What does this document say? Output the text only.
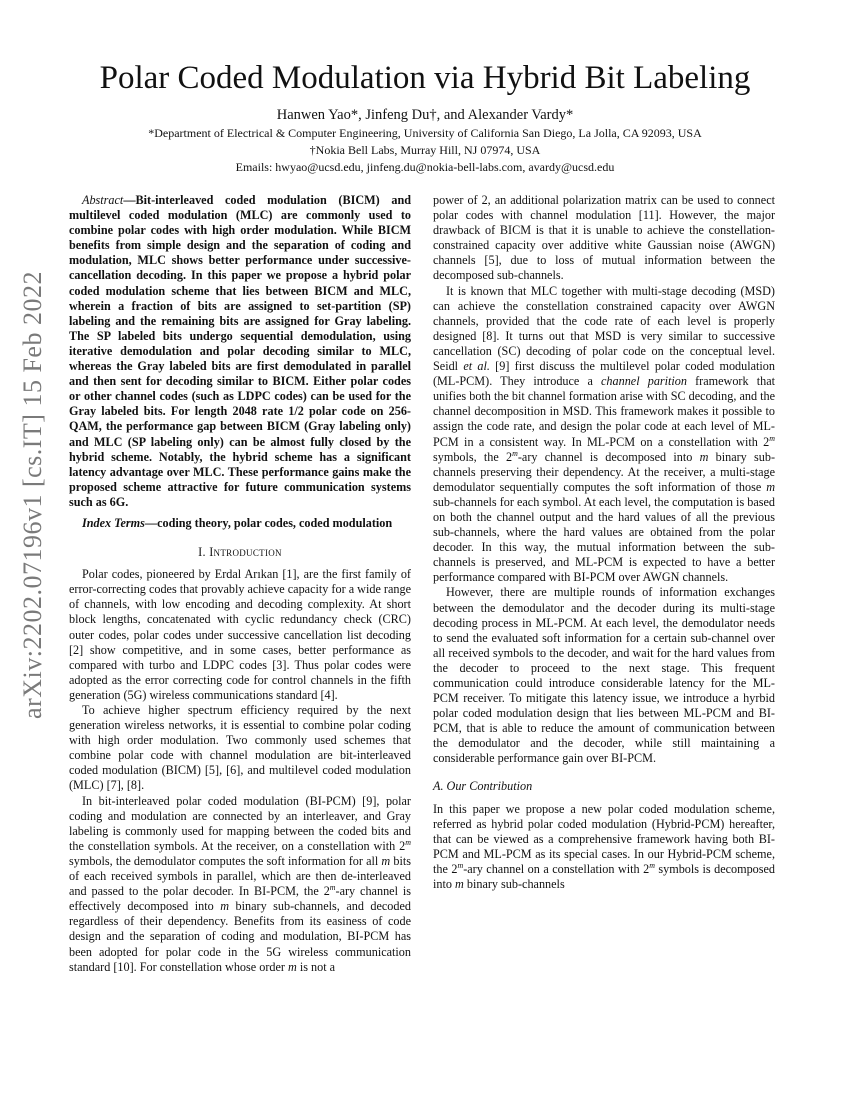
arXiv:2202.07196v1 [cs.IT] 15 Feb 2022
Polar Coded Modulation via Hybrid Bit Labeling
Hanwen Yao*, Jinfeng Du†, and Alexander Vardy*
*Department of Electrical & Computer Engineering, University of California San Diego, La Jolla, CA 92093, USA
†Nokia Bell Labs, Murray Hill, NJ 07974, USA
Emails: hwyao@ucsd.edu, jinfeng.du@nokia-bell-labs.com, avardy@ucsd.edu

Abstract—Bit-interleaved coded modulation (BICM) and multilevel coded modulation (MLC) are commonly used to combine polar codes with high order modulation. While BICM benefits from simple design and the separation of coding and modulation, MLC shows better performance under successive-cancellation decoding. In this paper we propose a hybrid polar coded modulation scheme that lies between BICM and MLC, wherein a fraction of bits are assigned to set-partition (SP) labeling and the remaining bits are assigned for Gray labeling. The SP labeled bits undergo sequential demodulation, using iterative demodulation and polar decoding similar to MLC, whereas the Gray labeled bits are first demodulated in parallel and then sent for decoding similar to BICM. Either polar codes or other channel codes (such as LDPC codes) can be used for the Gray labeled bits. For length 2048 rate 1/2 polar code on 256-QAM, the performance gap between BICM (Gray labeling only) and MLC (SP labeling only) can be almost fully closed by the hybrid scheme. Notably, the hybrid scheme has a significant latency advantage over MLC. These performance gains make the proposed scheme attractive for future communication systems such as 6G.

Index Terms—coding theory, polar codes, coded modulation

I. Introduction

Polar codes, pioneered by Erdal Arıkan [1], are the first family of error-correcting codes that provably achieve capacity for a wide range of channels, with low encoding and decoding complexity. At short block lengths, concatenated with cyclic redundancy check (CRC) outer codes, polar codes under successive cancellation list decoding [2] show competitive, and in some cases, better performance as compared with turbo and LDPC codes [3]. Thus polar codes were adopted as the error correcting code for control channels in the fifth generation (5G) wireless communications standard [4].

To achieve higher spectrum efficiency required by the next generation wireless networks, it is essential to combine polar coding with high order modulation. Two commonly used schemes that combine polar code with channel modulation are bit-interleaved coded modulation (BICM) [5], [6], and multilevel coded modulation (MLC) [7], [8].

In bit-interleaved polar coded modulation (BI-PCM) [9], polar coding and modulation are connected by an interleaver, and Gray labeling is commonly used for mapping between the coded bits and the constellation symbols. At the receiver, on a constellation with 2$^m$ symbols, the demodulator computes the soft information for all m bits of each received symbols in parallel, which are then de-interleaved and passed to the polar decoder. In BI-PCM, the 2$^m$-ary channel is effectively decomposed into m binary sub-channels, and decoded regardless of their dependency. Benefits from its easiness of code design and the separation of coding and modulation, BI-PCM has been adopted for polar code in the 5G wireless communication standard [10]. For constellation whose order m is not a

power of 2, an additional polarization matrix can be used to connect polar codes with channel modulation [11]. However, the major drawback of BICM is that it is unable to achieve the constellation-constrained capacity over additive white Gaussian noise (AWGN) channels [5], due to loss of mutual information between the decomposed sub-channels.

It is known that MLC together with multi-stage decoding (MSD) can achieve the constellation constrained capacity over AWGN channels, provided that the code rate of each level is properly designed [8]. It turns out that MSD is very similar to successive cancellation (SC) decoding of polar code on the conceptual level. Seidl et al. [9] first discuss the multilevel polar coded modulation (ML-PCM). They introduce a channel parition framework that unifies both the bit channel formation arise with SC decoding, and the channel decomposition in MSD. This framework makes it possible to assign the code rate, and design the polar code at each level of ML-PCM in a consistent way. In ML-PCM on a constellation with 2$^m$ symbols, the 2$^m$-ary channel is decomposed into m binary sub-channels preserving their dependency. At the receiver, a multi-stage demodulator sequentially computes the soft information of those m sub-channels for each symbol. At each level, the computation is based on both the channel output and the hard values of all the previous sub-channels, where the hard values are obtained from the polar decoder. In this way, the mutual information between the sub-channels is preserved, and ML-PCM is expected to have a better performance compared with BI-PCM over AWGN channels.

However, there are multiple rounds of information exchanges between the demodulator and the decoder during its multi-stage decoding process in ML-PCM. At each level, the demodulator needs to send the evaluated soft information for a certain sub-channel over all received symbols to the decoder, and wait for the hard values from the decoder to proceed to the next stage. This frequent communication could introduce considerable latency for the ML-PCM receiver. To mitigate this latency issue, we introduce a hyrbid polar coded modulation design that lies between ML-PCM and BI-PCM, that is able to reduce the amount of communication between the demodulator and the decoder, while still maintaining a considerable performance gain over BI-PCM.

A. Our Contribution

In this paper we propose a new polar coded modulation scheme, referred as hybrid polar coded modulation (Hybrid-PCM) hereafter, that can be viewed as a comprehensive framework having both BI-PCM and ML-PCM as its special cases. In our Hybrid-PCM scheme, the 2$^m$-ary channel on a constellation with 2$^m$ symbols is decomposed into m binary sub-channels
